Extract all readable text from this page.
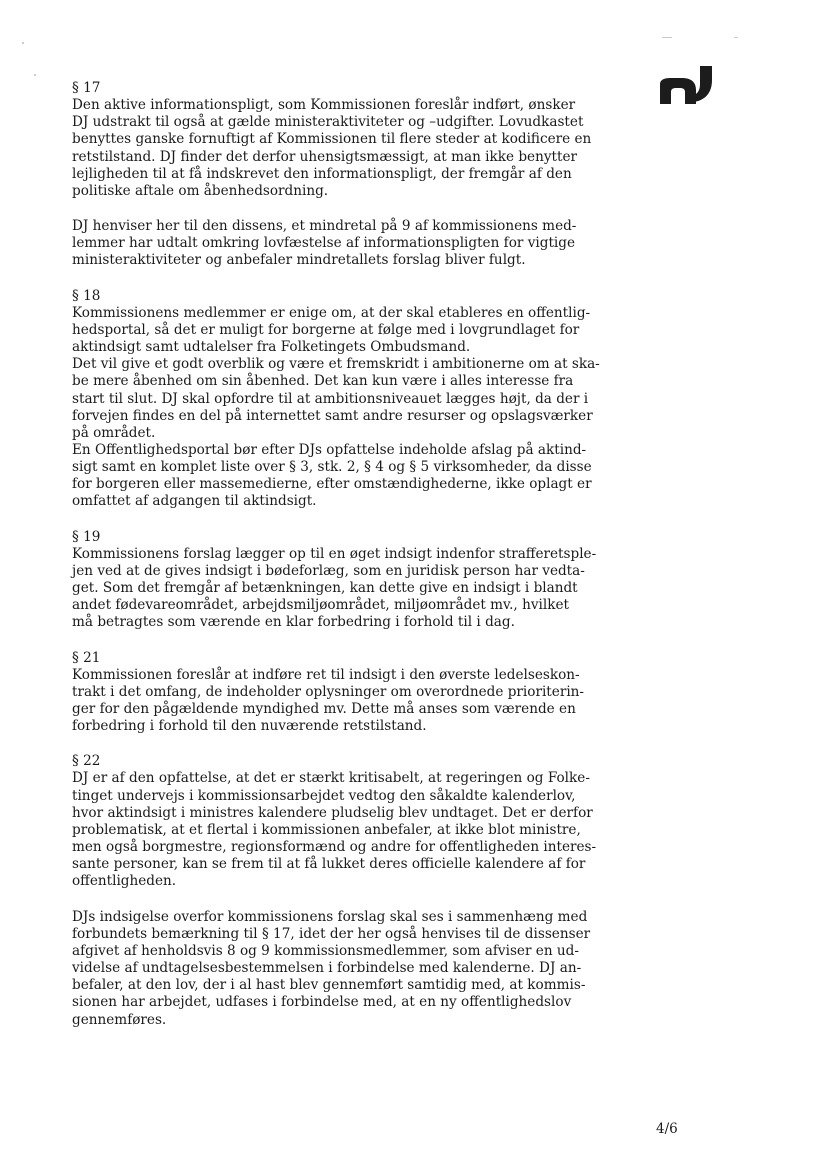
§ 17
Den aktive informationspligt, som Kommissionen foreslår indført, ønsker
DJ udstrakt til også at gælde ministeraktiviteter og –udgifter. Lovudkastet
benyttes ganske fornuftigt af Kommissionen til flere steder at kodificere en
retstilstand. DJ finder det derfor uhensigtsmæssigt, at man ikke benytter
lejligheden til at få indskrevet den informationspligt, der fremgår af den
politiske aftale om åbenhedsordning.
DJ henviser her til den dissens, et mindretal på 9 af kommissionens med-
lemmer har udtalt omkring lovfæstelse af informationspligten for vigtige
ministeraktiviteter og anbefaler mindretallets forslag bliver fulgt.
§ 18
Kommissionens medlemmer er enige om, at der skal etableres en offentlig-
hedsportal, så det er muligt for borgerne at følge med i lovgrundlaget for
aktindsigt samt udtalelser fra Folketingets Ombudsmand.
Det vil give et godt overblik og være et fremskridt i ambitionerne om at ska-
be mere åbenhed om sin åbenhed. Det kan kun være i alles interesse fra
start til slut. DJ skal opfordre til at ambitionsniveauet lægges højt, da der i
forvejen findes en del på internettet samt andre resurser og opslagsværker
på området.
En Offentlighedsportal bør efter DJs opfattelse indeholde afslag på aktind-
sigt samt en komplet liste over § 3, stk. 2, § 4 og § 5 virksomheder, da disse
for borgeren eller massemedierne, efter omstændighederne, ikke oplagt er
omfattet af adgangen til aktindsigt.
§ 19
Kommissionens forslag lægger op til en øget indsigt indenfor strafferetsple-
jen ved at de gives indsigt i bødeforlæg, som en juridisk person har vedta-
get. Som det fremgår af betænkningen, kan dette give en indsigt i blandt
andet fødevareområdet, arbejdsmiljøområdet, miljøområdet mv., hvilket
må betragtes som værende en klar forbedring i forhold til i dag.
§ 21
Kommissionen foreslår at indføre ret til indsigt i den øverste ledelseskon-
trakt i det omfang, de indeholder oplysninger om overordnede prioriterin-
ger for den pågældende myndighed mv. Dette må anses som værende en
forbedring i forhold til den nuværende retstilstand.
§ 22
DJ er af den opfattelse, at det er stærkt kritisabelt, at regeringen og Folke-
tinget undervejs i kommissionsarbejdet vedtog den såkaldte kalenderlov,
hvor aktindsigt i ministres kalendere pludselig blev undtaget. Det er derfor
problematisk, at et flertal i kommissionen anbefaler, at ikke blot ministre,
men også borgmestre, regionsformænd og andre for offentligheden interes-
sante personer, kan se frem til at få lukket deres officielle kalendere af for
offentligheden.
DJs indsigelse overfor kommissionens forslag skal ses i sammenhæng med
forbundets bemærkning til § 17, idet der her også henvises til de dissenser
afgivet af henholdsvis 8 og 9 kommissionsmedlemmer, som afviser en ud-
videlse af undtagelsesbestemmelsen i forbindelse med kalenderne. DJ an-
befaler, at den lov, der i al hast blev gennemført samtidig med, at kommis-
sionen har arbejdet, udfases i forbindelse med, at en ny offentlighedslov
gennemføres.
4/6
